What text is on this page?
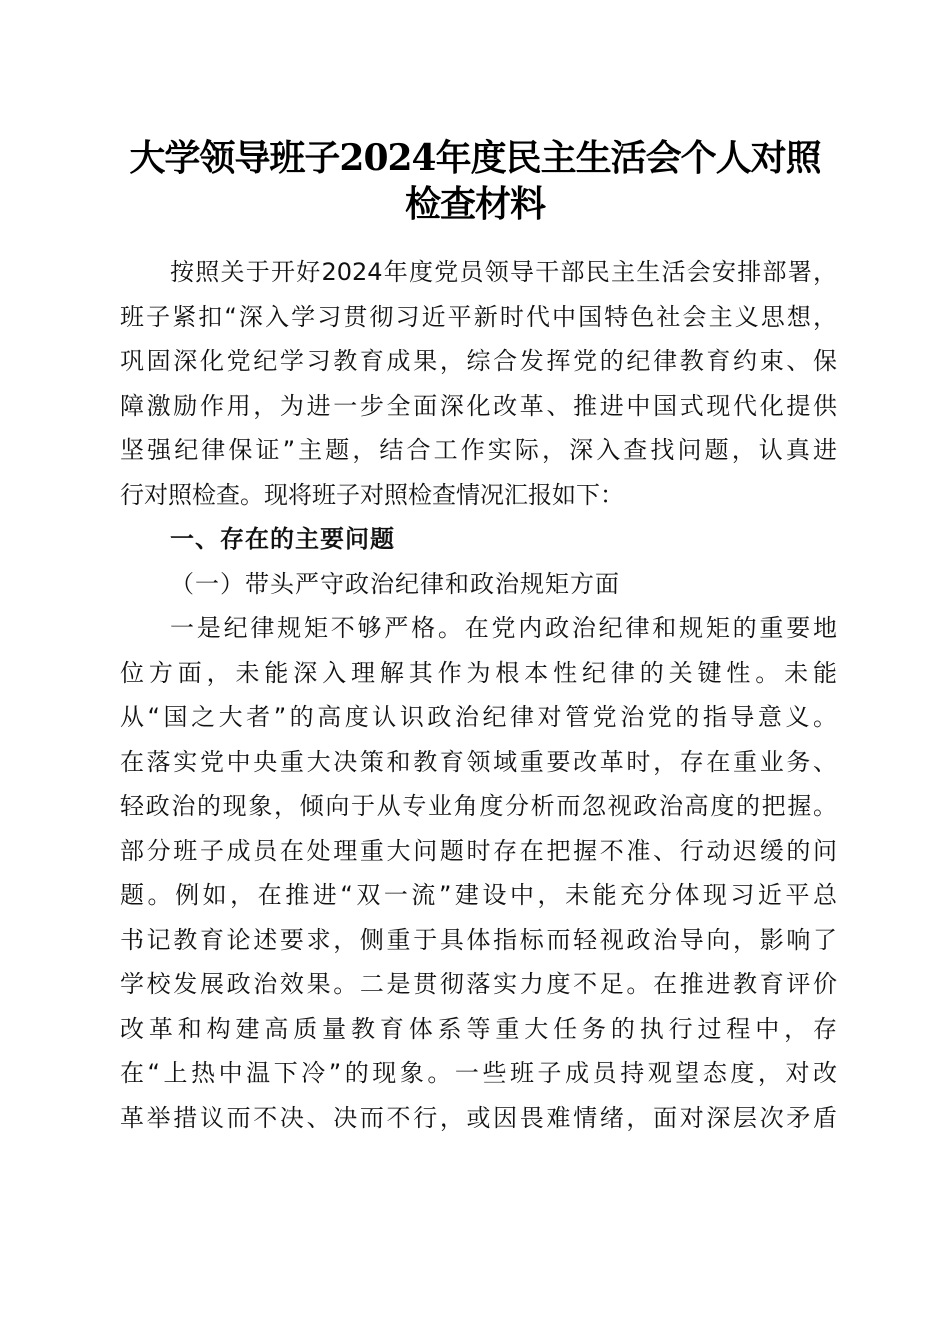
大学领导班子2024年度民主生活会个人对照
检查材料
按照关于开好2024年度党员领导干部民主生活会安排部署，
班子紧扣“深入学习贯彻习近平新时代中国特色社会主义思想，
巩固深化党纪学习教育成果，综合发挥党的纪律教育约束、保
障激励作用，为进一步全面深化改革、推进中国式现代化提供
坚强纪律保证”主题，结合工作实际，深入查找问题，认真进
行对照检查。现将班子对照检查情况汇报如下：
一、存在的主要问题
（一）带头严守政治纪律和政治规矩方面
一是纪律规矩不够严格。在党内政治纪律和规矩的重要地
位方面，未能深入理解其作为根本性纪律的关键性。未能
从“国之大者”的高度认识政治纪律对管党治党的指导意义。
在落实党中央重大决策和教育领域重要改革时，存在重业务、
轻政治的现象，倾向于从专业角度分析而忽视政治高度的把握。
部分班子成员在处理重大问题时存在把握不准、行动迟缓的问
题。例如，在推进“双一流”建设中，未能充分体现习近平总
书记教育论述要求，侧重于具体指标而轻视政治导向，影响了
学校发展政治效果。二是贯彻落实力度不足。在推进教育评价
改革和构建高质量教育体系等重大任务的执行过程中，存
在“上热中温下冷”的现象。一些班子成员持观望态度，对改
革举措议而不决、决而不行，或因畏难情绪，面对深层次矛盾
